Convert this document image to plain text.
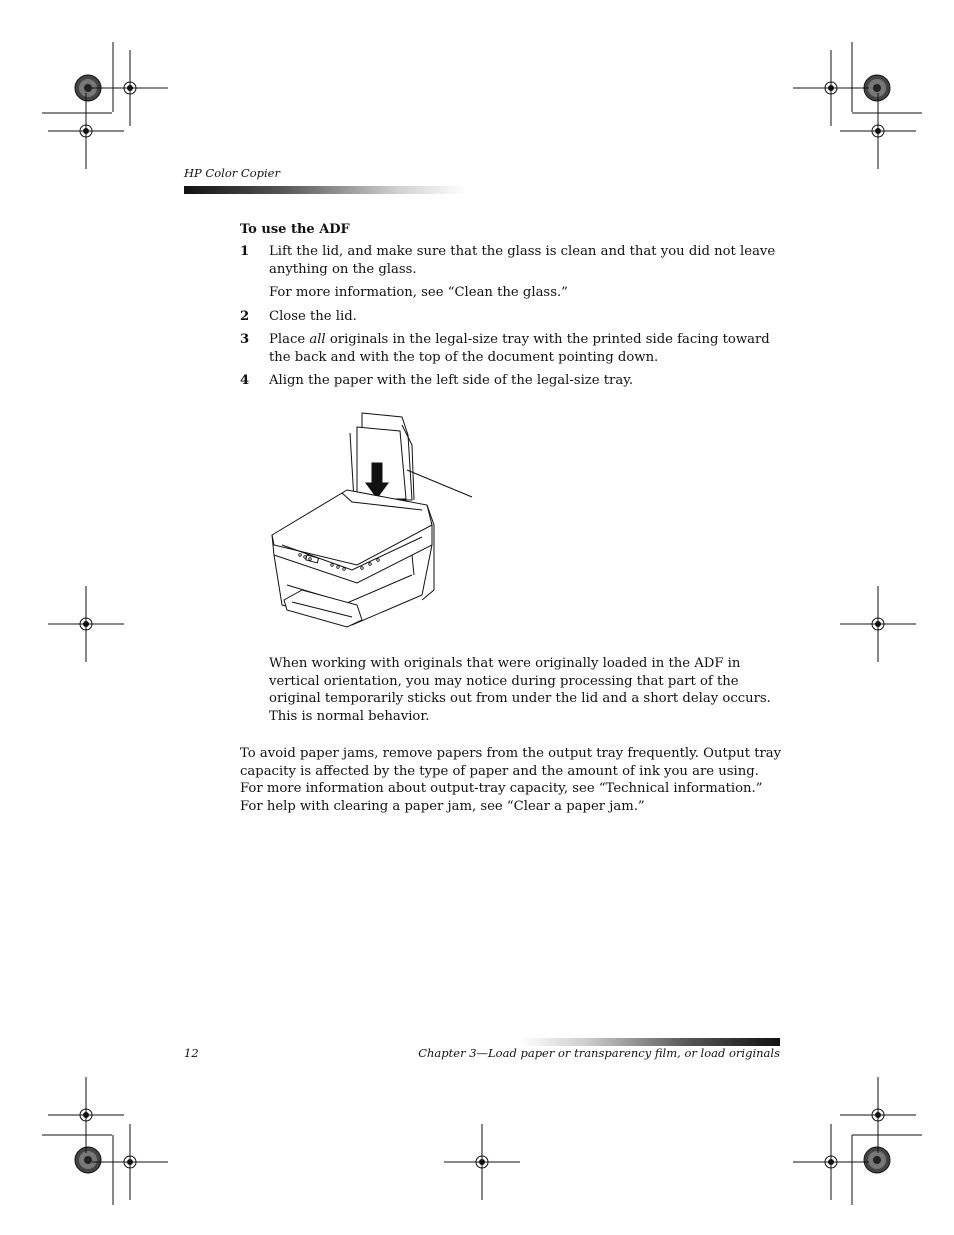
HP Color Copier
To use the ADF
1 Lift the lid, and make sure that the glass is clean and that you did not leave anything on the glass.
For more information, see “Clean the glass.”
2 Close the lid.
3 Place all originals in the legal-size tray with the printed side facing toward the back and with the top of the document pointing down.
4 Align the paper with the left side of the legal-size tray.
When working with originals that were originally loaded in the ADF in vertical orientation, you may notice during processing that part of the original temporarily sticks out from under the lid and a short delay occurs. This is normal behavior.
To avoid paper jams, remove papers from the output tray frequently. Output tray capacity is affected by the type of paper and the amount of ink you are using. For more information about output-tray capacity, see “Technical information.” For help with clearing a paper jam, see “Clear a paper jam.”
12	Chapter 3—Load paper or transparency film, or load originals
